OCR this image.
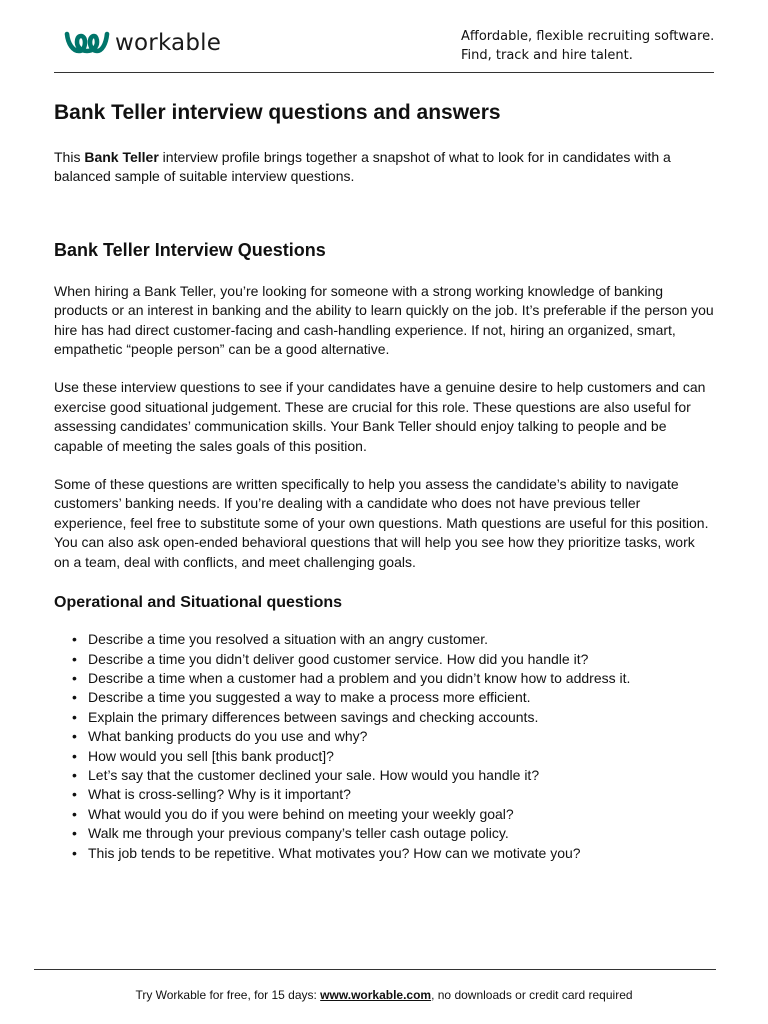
workable	Affordable, flexible recruiting software.
Find, track and hire talent.
Bank Teller interview questions and answers

This Bank Teller interview profile brings together a snapshot of what to look for in candidates with a balanced sample of suitable interview questions.

Bank Teller Interview Questions

When hiring a Bank Teller, you’re looking for someone with a strong working knowledge of banking products or an interest in banking and the ability to learn quickly on the job. It’s preferable if the person you hire has had direct customer-facing and cash-handling experience. If not, hiring an organized, smart, empathetic “people person” can be a good alternative.

Use these interview questions to see if your candidates have a genuine desire to help customers and can exercise good situational judgement. These are crucial for this role. These questions are also useful for assessing candidates’ communication skills. Your Bank Teller should enjoy talking to people and be capable of meeting the sales goals of this position.

Some of these questions are written specifically to help you assess the candidate’s ability to navigate customers’ banking needs. If you’re dealing with a candidate who does not have previous teller experience, feel free to substitute some of your own questions. Math questions are useful for this position. You can also ask open-ended behavioral questions that will help you see how they prioritize tasks, work on a team, deal with conflicts, and meet challenging goals.

Operational and Situational questions
• Describe a time you resolved a situation with an angry customer.
• Describe a time you didn’t deliver good customer service. How did you handle it?
• Describe a time when a customer had a problem and you didn’t know how to address it.
• Describe a time you suggested a way to make a process more efficient.
• Explain the primary differences between savings and checking accounts.
• What banking products do you use and why?
• How would you sell [this bank product]?
• Let’s say that the customer declined your sale. How would you handle it?
• What is cross-selling? Why is it important?
• What would you do if you were behind on meeting your weekly goal?
• Walk me through your previous company’s teller cash outage policy.
• This job tends to be repetitive. What motivates you? How can we motivate you?
Try Workable for free, for 15 days: www.workable.com, no downloads or credit card required
